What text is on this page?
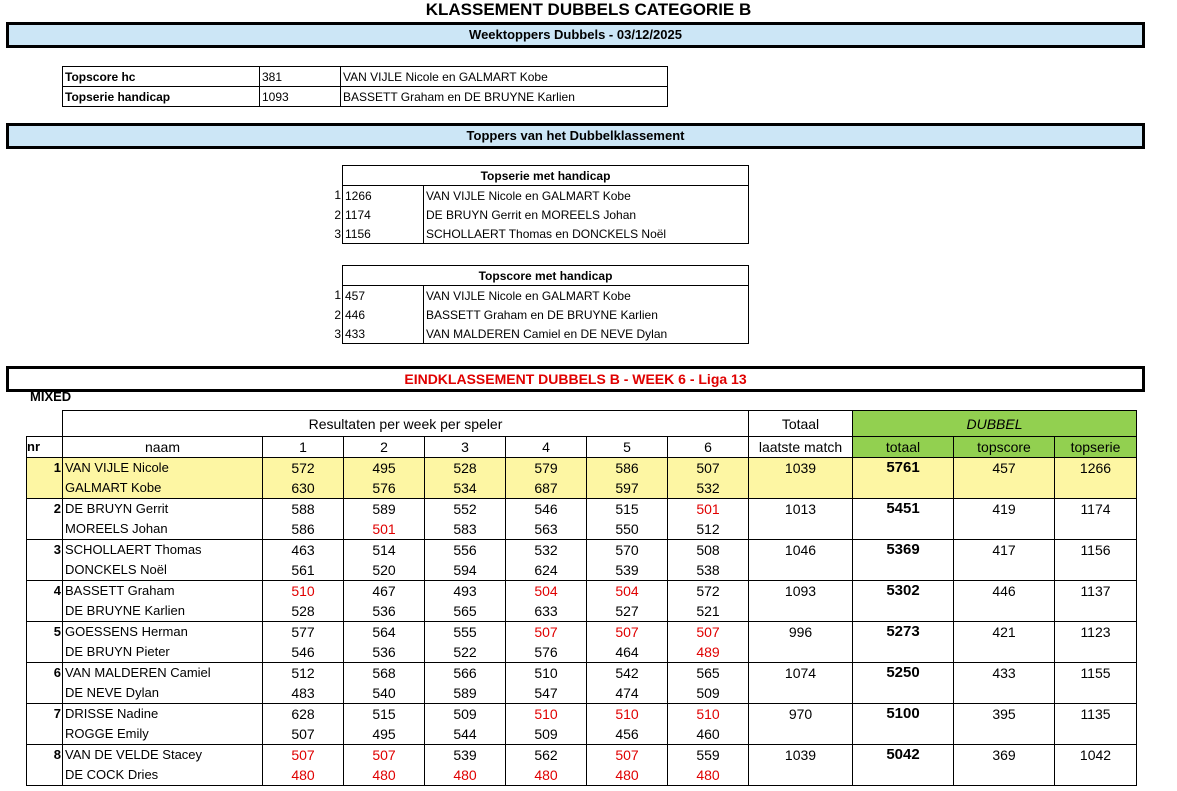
KLASSEMENT DUBBELS CATEGORIE B
Weektoppers Dubbels - 03/12/2025
Topscore hc	381	VAN VIJLE Nicole en GALMART Kobe
Topserie handicap	1093	BASSETT Graham en DE BRUYNE Karlien
Toppers van het Dubbelklassement
	Topserie met handicap	
1	1266	VAN VIJLE Nicole en GALMART Kobe
2	1174	DE BRUYN Gerrit en MOREELS Johan
3	1156	SCHOLLAERT Thomas en DONCKELS Noël
	Topscore met handicap	
1	457	VAN VIJLE Nicole en GALMART Kobe
2	446	BASSETT Graham en DE BRUYNE Karlien
3	433	VAN MALDEREN Camiel en DE NEVE Dylan
EINDKLASSEMENT DUBBELS B - WEEK 6 - Liga 13
MIXED
	Resultaten per week per speler							Totaal	DUBBEL		
nr	naam	1	2	3	4	5	6	laatste match	totaal	topscore	topserie
1	VAN VIJLE Nicole	572	495	528	579	586	507	1039	5761	457	1266
	GALMART Kobe	630	576	534	687	597	532				
2	DE BRUYN Gerrit	588	589	552	546	515	501	1013	5451	419	1174
	MOREELS Johan	586	501	583	563	550	512				
3	SCHOLLAERT Thomas	463	514	556	532	570	508	1046	5369	417	1156
	DONCKELS Noël	561	520	594	624	539	538				
4	BASSETT Graham	510	467	493	504	504	572	1093	5302	446	1137
	DE BRUYNE Karlien	528	536	565	633	527	521				
5	GOESSENS Herman	577	564	555	507	507	507	996	5273	421	1123
	DE BRUYN Pieter	546	536	522	576	464	489				
6	VAN MALDEREN Camiel	512	568	566	510	542	565	1074	5250	433	1155
	DE NEVE Dylan	483	540	589	547	474	509				
7	DRISSE Nadine	628	515	509	510	510	510	970	5100	395	1135
	ROGGE Emily	507	495	544	509	456	460				
8	VAN DE VELDE Stacey	507	507	539	562	507	559	1039	5042	369	1042
	DE COCK Dries	480	480	480	480	480	480				
